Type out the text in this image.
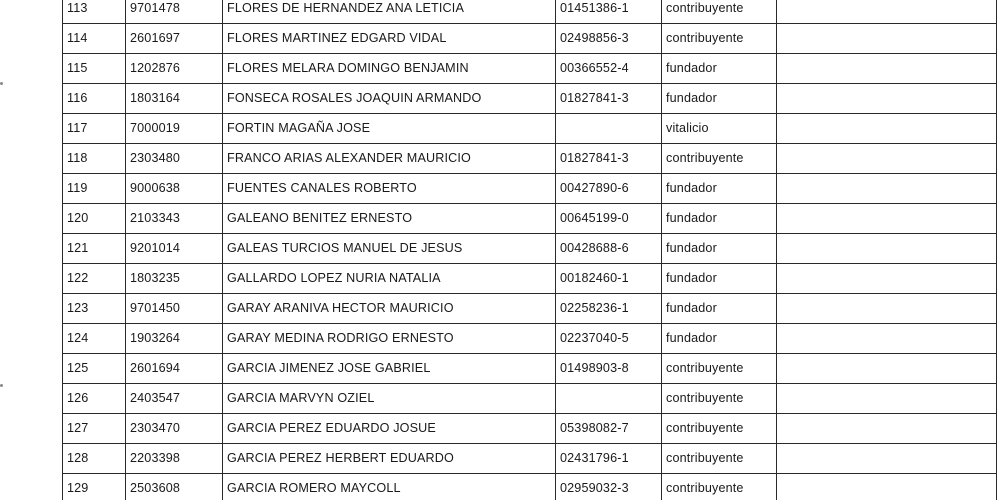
113	9701478	FLORES DE HERNANDEZ ANA LETICIA	01451386-1	contribuyente	
114	2601697	FLORES MARTINEZ EDGARD VIDAL	02498856-3	contribuyente	
115	1202876	FLORES MELARA DOMINGO BENJAMIN	00366552-4	fundador	
116	1803164	FONSECA ROSALES JOAQUIN ARMANDO	01827841-3	fundador	
117	7000019	FORTIN MAGAÑA JOSE		vitalicio	
118	2303480	FRANCO ARIAS ALEXANDER MAURICIO	01827841-3	contribuyente	
119	9000638	FUENTES CANALES ROBERTO	00427890-6	fundador	
120	2103343	GALEANO BENITEZ ERNESTO	00645199-0	fundador	
121	9201014	GALEAS TURCIOS MANUEL DE JESUS	00428688-6	fundador	
122	1803235	GALLARDO LOPEZ NURIA NATALIA	00182460-1	fundador	
123	9701450	GARAY ARANIVA HECTOR MAURICIO	02258236-1	fundador	
124	1903264	GARAY MEDINA RODRIGO ERNESTO	02237040-5	fundador	
125	2601694	GARCIA JIMENEZ JOSE GABRIEL	01498903-8	contribuyente	
126	2403547	GARCIA MARVYN OZIEL		contribuyente	
127	2303470	GARCIA PEREZ EDUARDO JOSUE	05398082-7	contribuyente	
128	2203398	GARCIA PEREZ HERBERT EDUARDO	02431796-1	contribuyente	
129	2503608	GARCIA ROMERO MAYCOLL	02959032-3	contribuyente	
